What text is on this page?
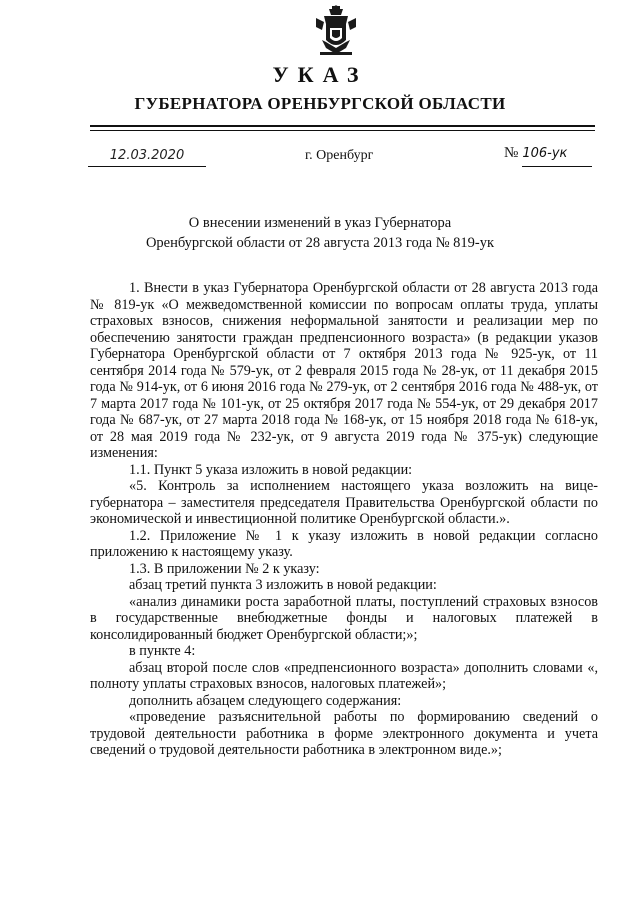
УКАЗ
ГУБЕРНАТОРА ОРЕНБУРГСКОЙ ОБЛАСТИ
12.03.2020	г. Оренбург	№ 106-ук
О внесении изменений в указ Губернатора
Оренбургской области от 28 августа 2013 года № 819-ук

1. Внести в указ Губернатора Оренбургской области от 28 августа 2013 года № 819-ук «О межведомственной комиссии по вопросам оплаты труда, уплаты страховых взносов, снижения неформальной занятости и реализации мер по обеспечению занятости граждан предпенсионного возраста» (в редакции указов Губернатора Оренбургской области от 7 октября 2013 года № 925-ук, от 11 сентября 2014 года № 579-ук, от 2 февраля 2015 года № 28-ук, от 11 декабря 2015 года № 914-ук, от 6 июня 2016 года № 279-ук, от 2 сентября 2016 года № 488-ук, от 7 марта 2017 года № 101-ук, от 25 октября 2017 года № 554-ук, от 29 декабря 2017 года № 687-ук, от 27 марта 2018 года № 168-ук, от 15 ноября 2018 года № 618-ук, от 28 мая 2019 года № 232-ук, от 9 августа 2019 года № 375-ук) следующие изменения:

1.1. Пункт 5 указа изложить в новой редакции:

«5. Контроль за исполнением настоящего указа возложить на вице-губернатора – заместителя председателя Правительства Оренбургской области по экономической и инвестиционной политике Оренбургской области.».

1.2. Приложение № 1 к указу изложить в новой редакции согласно приложению к настоящему указу.

1.3. В приложении № 2 к указу:

абзац третий пункта 3 изложить в новой редакции:

«анализ динамики роста заработной платы, поступлений страховых взносов в государственные внебюджетные фонды и налоговых платежей в консолидированный бюджет Оренбургской области;»;

в пункте 4:

абзац второй после слов «предпенсионного возраста» дополнить словами «, полноту уплаты страховых взносов, налоговых платежей»;

дополнить абзацем следующего содержания:

«проведение разъяснительной работы по формированию сведений о трудовой деятельности работника в форме электронного документа и учета сведений о трудовой деятельности работника в электронном виде.»;
